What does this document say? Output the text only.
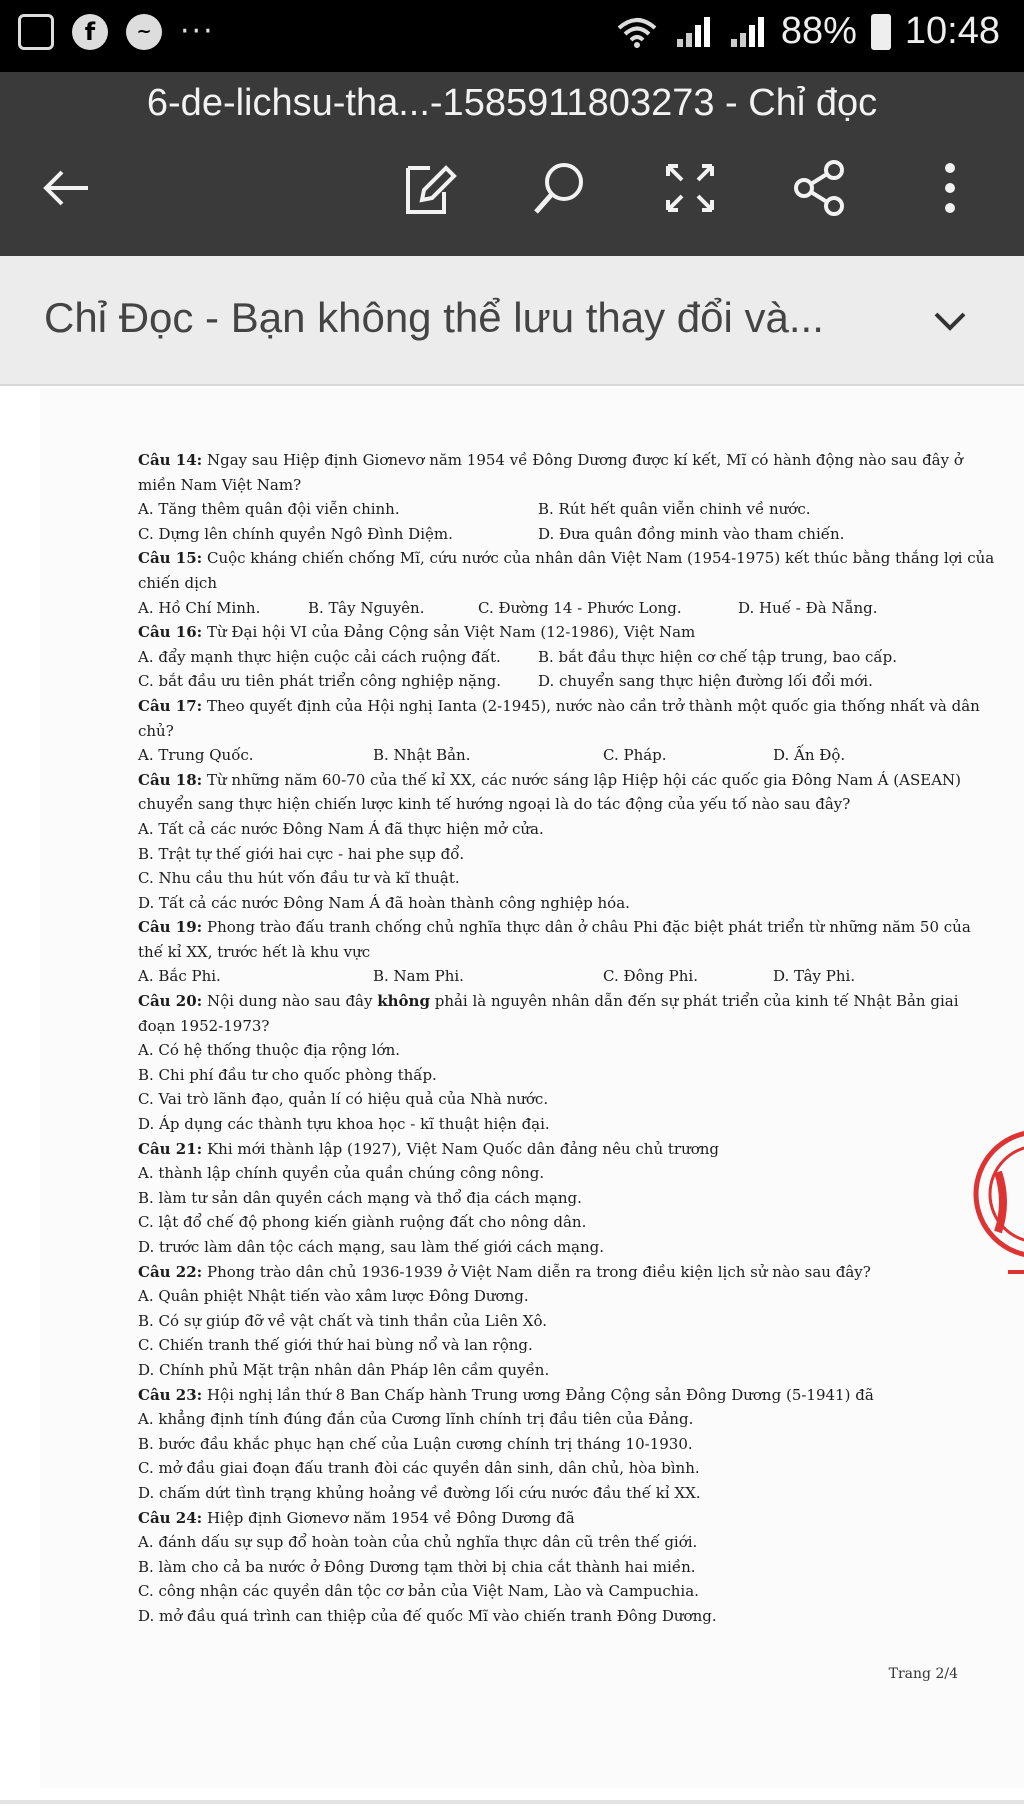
f	~ ···	88% 10:48
6-de-lichsu-tha...-1585911803273 - Chỉ đọc
Chỉ Đọc - Bạn không thể lưu thay đổi và...

Câu 14: Ngay sau Hiệp định Giơnevơ năm 1954 về Đông Dương được kí kết, Mĩ có hành động nào sau đây ở miền Nam Việt Nam?

A. Tăng thêm quân đội viễn chinh.	B. Rút hết quân viễn chinh về nước.
C. Dựng lên chính quyền Ngô Đình Diệm.	D. Đưa quân đồng minh vào tham chiến.

Câu 15: Cuộc kháng chiến chống Mĩ, cứu nước của nhân dân Việt Nam (1954-1975) kết thúc bằng thắng lợi của chiến dịch

A. Hồ Chí Minh.	B. Tây Nguyên.	C. Đường 14 - Phước Long.	D. Huế - Đà Nẵng.

Câu 16: Từ Đại hội VI của Đảng Cộng sản Việt Nam (12-1986), Việt Nam

A. đẩy mạnh thực hiện cuộc cải cách ruộng đất.	B. bắt đầu thực hiện cơ chế tập trung, bao cấp.
C. bắt đầu ưu tiên phát triển công nghiệp nặng.	D. chuyển sang thực hiện đường lối đổi mới.

Câu 17: Theo quyết định của Hội nghị Ianta (2-1945), nước nào cần trở thành một quốc gia thống nhất và dân chủ?

A. Trung Quốc.	B. Nhật Bản.	C. Pháp.	D. Ấn Độ.

Câu 18: Từ những năm 60-70 của thế kỉ XX, các nước sáng lập Hiệp hội các quốc gia Đông Nam Á (ASEAN) chuyển sang thực hiện chiến lược kinh tế hướng ngoại là do tác động của yếu tố nào sau đây?

A. Tất cả các nước Đông Nam Á đã thực hiện mở cửa.

B. Trật tự thế giới hai cực - hai phe sụp đổ.

C. Nhu cầu thu hút vốn đầu tư và kĩ thuật.

D. Tất cả các nước Đông Nam Á đã hoàn thành công nghiệp hóa.

Câu 19: Phong trào đấu tranh chống chủ nghĩa thực dân ở châu Phi đặc biệt phát triển từ những năm 50 của thế kỉ XX, trước hết là khu vực

A. Bắc Phi.	B. Nam Phi.	C. Đông Phi.	D. Tây Phi.

Câu 20: Nội dung nào sau đây không phải là nguyên nhân dẫn đến sự phát triển của kinh tế Nhật Bản giai đoạn 1952-1973?

A. Có hệ thống thuộc địa rộng lớn.

B. Chi phí đầu tư cho quốc phòng thấp.

C. Vai trò lãnh đạo, quản lí có hiệu quả của Nhà nước.

D. Áp dụng các thành tựu khoa học - kĩ thuật hiện đại.

Câu 21: Khi mới thành lập (1927), Việt Nam Quốc dân đảng nêu chủ trương

A. thành lập chính quyền của quần chúng công nông.

B. làm tư sản dân quyền cách mạng và thổ địa cách mạng.

C. lật đổ chế độ phong kiến giành ruộng đất cho nông dân.

D. trước làm dân tộc cách mạng, sau làm thế giới cách mạng.

Câu 22: Phong trào dân chủ 1936-1939 ở Việt Nam diễn ra trong điều kiện lịch sử nào sau đây?

A. Quân phiệt Nhật tiến vào xâm lược Đông Dương.

B. Có sự giúp đỡ về vật chất và tinh thần của Liên Xô.

C. Chiến tranh thế giới thứ hai bùng nổ và lan rộng.

D. Chính phủ Mặt trận nhân dân Pháp lên cầm quyền.

Câu 23: Hội nghị lần thứ 8 Ban Chấp hành Trung ương Đảng Cộng sản Đông Dương (5-1941) đã

A. khẳng định tính đúng đắn của Cương lĩnh chính trị đầu tiên của Đảng.

B. bước đầu khắc phục hạn chế của Luận cương chính trị tháng 10-1930.

C. mở đầu giai đoạn đấu tranh đòi các quyền dân sinh, dân chủ, hòa bình.

D. chấm dứt tình trạng khủng hoảng về đường lối cứu nước đầu thế kỉ XX.

Câu 24: Hiệp định Giơnevơ năm 1954 về Đông Dương đã

A. đánh dấu sự sụp đổ hoàn toàn của chủ nghĩa thực dân cũ trên thế giới.

B. làm cho cả ba nước ở Đông Dương tạm thời bị chia cắt thành hai miền.

C. công nhận các quyền dân tộc cơ bản của Việt Nam, Lào và Campuchia.

D. mở đầu quá trình can thiệp của đế quốc Mĩ vào chiến tranh Đông Dương.

Trang 2/4
